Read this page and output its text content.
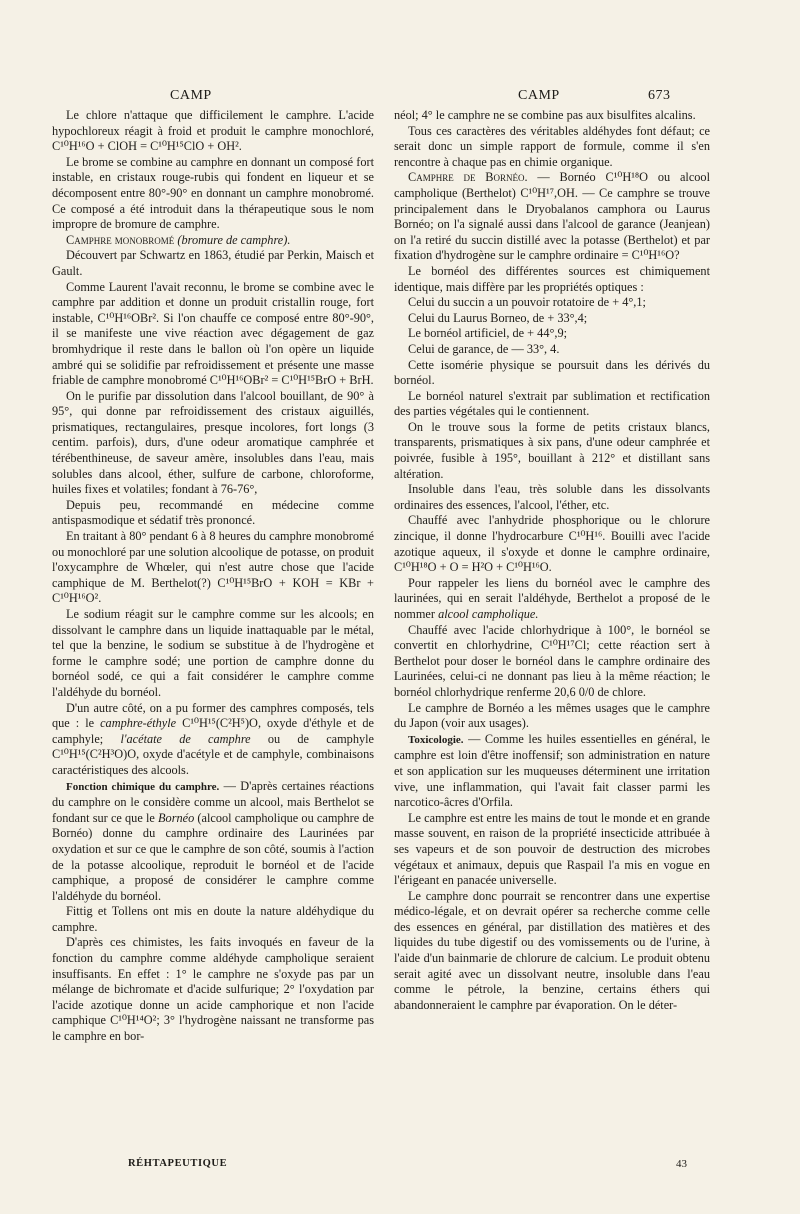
CAMP	CAMP	673

Le chlore n'attaque que difficilement le camphre. L'acide hypochloreux réagit à froid et produit le camphre monochloré, C¹⁰H¹⁶O + ClOH = C¹⁰H¹⁵ClO + OH².

Le brome se combine au camphre en donnant un composé fort instable, en cristaux rouge-rubis qui fondent en liqueur et se décomposent entre 80°-90° en donnant un camphre monobromé. Ce composé a été introduit dans la thérapeutique sous le nom impropre de bromure de camphre.

Camphre monobromé (bromure de camphre).

Découvert par Schwartz en 1863, étudié par Perkin, Maisch et Gault.

Comme Laurent l'avait reconnu, le brome se combine avec le camphre par addition et donne un produit cristallin rouge, fort instable, C¹⁰H¹⁶OBr². Si l'on chauffe ce composé entre 80°-90°, il se manifeste une vive réaction avec dégagement de gaz bromhydrique il reste dans le ballon où l'on opère un liquide ambré qui se solidifie par refroidissement et présente une masse friable de camphre monobromé C¹⁰H¹⁶OBr² = C¹⁰H¹⁵BrO + BrH.

On le purifie par dissolution dans l'alcool bouillant, de 90° à 95°, qui donne par refroidissement des cristaux aiguillés, prismatiques, rectangulaires, presque incolores, fort longs (3 centim. parfois), durs, d'une odeur aromatique camphrée et térébenthineuse, de saveur amère, insolubles dans l'eau, mais solubles dans alcool, éther, sulfure de carbone, chloroforme, huiles fixes et volatiles; fondant à 76-76°,

Depuis peu, recommandé en médecine comme antispasmodique et sédatif très prononcé.

En traitant à 80° pendant 6 à 8 heures du camphre monobromé ou monochloré par une solution alcoolique de potasse, on produit l'oxycamphre de Whœler, qui n'est autre chose que l'acide camphique de M. Berthelot(?) C¹⁰H¹⁵BrO + KOH = KBr + C¹⁰H¹⁶O².

Le sodium réagit sur le camphre comme sur les alcools; en dissolvant le camphre dans un liquide inattaquable par le métal, tel que la benzine, le sodium se substitue à de l'hydrogène et forme le camphre sodé; une portion de camphre donne du bornéol sodé, ce qui a fait considérer le camphre comme l'aldéhyde du bornéol.

D'un autre côté, on a pu former des camphres composés, tels que : le camphre-éthyle C¹⁰H¹⁵(C²H⁵)O, oxyde d'éthyle et de camphyle; l'acétate de camphre ou de camphyle C¹⁰H¹⁵(C²H³O)O, oxyde d'acétyle et de camphyle, combinaisons caractéristiques des alcools.

Fonction chimique du camphre. — D'après certaines réactions du camphre on le considère comme un alcool, mais Berthelot se fondant sur ce que le Bornéo (alcool campholique ou camphre de Bornéo) donne du camphre ordinaire des Laurinées par oxydation et sur ce que le camphre de son côté, soumis à l'action de la potasse alcoolique, reproduit le bornéol et de l'acide camphique, a proposé de considérer le camphre comme l'aldéhyde du bornéol.

Fittig et Tollens ont mis en doute la nature aldéhydique du camphre.

D'après ces chimistes, les faits invoqués en faveur de la fonction du camphre comme aldéhyde campholique seraient insuffisants. En effet : 1° le camphre ne s'oxyde pas par un mélange de bichromate et d'acide sulfurique; 2° l'oxydation par l'acide azotique donne un acide camphorique et non l'acide camphique C¹⁰H¹⁴O²; 3° l'hydrogène naissant ne transforme pas le camphre en bor-

néol; 4° le camphre ne se combine pas aux bisulfites alcalins.

Tous ces caractères des véritables aldéhydes font défaut; ce serait donc un simple rapport de formule, comme il s'en rencontre à chaque pas en chimie organique.

Camphre de Bornéo. — Bornéo C¹⁰H¹⁸O ou alcool campholique (Berthelot) C¹⁰H¹⁷,OH. — Ce camphre se trouve principalement dans le Dryobalanos camphora ou Laurus Bornéo; on l'a signalé aussi dans l'alcool de garance (Jeanjean) on l'a retiré du succin distillé avec la potasse (Berthelot) et par fixation d'hydrogène sur le camphre ordinaire = C¹⁰H¹⁶O?

Le bornéol des différentes sources est chimiquement identique, mais diffère par les propriétés optiques :

Celui du succin a un pouvoir rotatoire de + 4°,1;

Celui du Laurus Borneo, de + 33°,4;

Le bornéol artificiel, de + 44°,9;

Celui de garance, de — 33°, 4.

Cette isomérie physique se poursuit dans les dérivés du bornéol.

Le bornéol naturel s'extrait par sublimation et rectification des parties végétales qui le contiennent.

On le trouve sous la forme de petits cristaux blancs, transparents, prismatiques à six pans, d'une odeur camphrée et poivrée, fusible à 195°, bouillant à 212° et distillant sans altération.

Insoluble dans l'eau, très soluble dans les dissolvants ordinaires des essences, l'alcool, l'éther, etc.

Chauffé avec l'anhydride phosphorique ou le chlorure zincique, il donne l'hydrocarbure C¹⁰H¹⁶. Bouilli avec l'acide azotique aqueux, il s'oxyde et donne le camphre ordinaire, C¹⁰H¹⁸O + O = H²O + C¹⁰H¹⁶O.

Pour rappeler les liens du bornéol avec le camphre des laurinées, qui en serait l'aldéhyde, Berthelot a proposé de le nommer alcool campholique.

Chauffé avec l'acide chlorhydrique à 100°, le bornéol se convertit en chlorhydrine, C¹⁰H¹⁷Cl; cette réaction sert à Berthelot pour doser le bornéol dans le camphre ordinaire des Laurinées, celui-ci ne donnant pas lieu à la même réaction; le bornéol chlorhydrique renferme 20,6 0/0 de chlore.

Le camphre de Bornéo a les mêmes usages que le camphre du Japon (voir aux usages).

Toxicologie. — Comme les huiles essentielles en général, le camphre est loin d'être inoffensif; son administration en nature et son application sur les muqueuses déterminent une irritation vive, une inflammation, qui l'avait fait classer parmi les narcotico-âcres d'Orfila.

Le camphre est entre les mains de tout le monde et en grande masse souvent, en raison de la propriété insecticide attribuée à ses vapeurs et de son pouvoir de destruction des microbes végétaux et animaux, depuis que Raspail l'a mis en vogue en l'érigeant en panacée universelle.

Le camphre donc pourrait se rencontrer dans une expertise médico-légale, et on devrait opérer sa recherche comme celle des essences en général, par distillation des matières et des liquides du tube digestif ou des vomissements ou de l'urine, à l'aide d'un bainmarie de chlorure de calcium. Le produit obtenu serait agité avec un dissolvant neutre, insoluble dans l'eau comme le pétrole, la benzine, certains éthers qui abandonneraient le camphre par évaporation. On le déter-

RÉHTAPEUTIQUE	43
